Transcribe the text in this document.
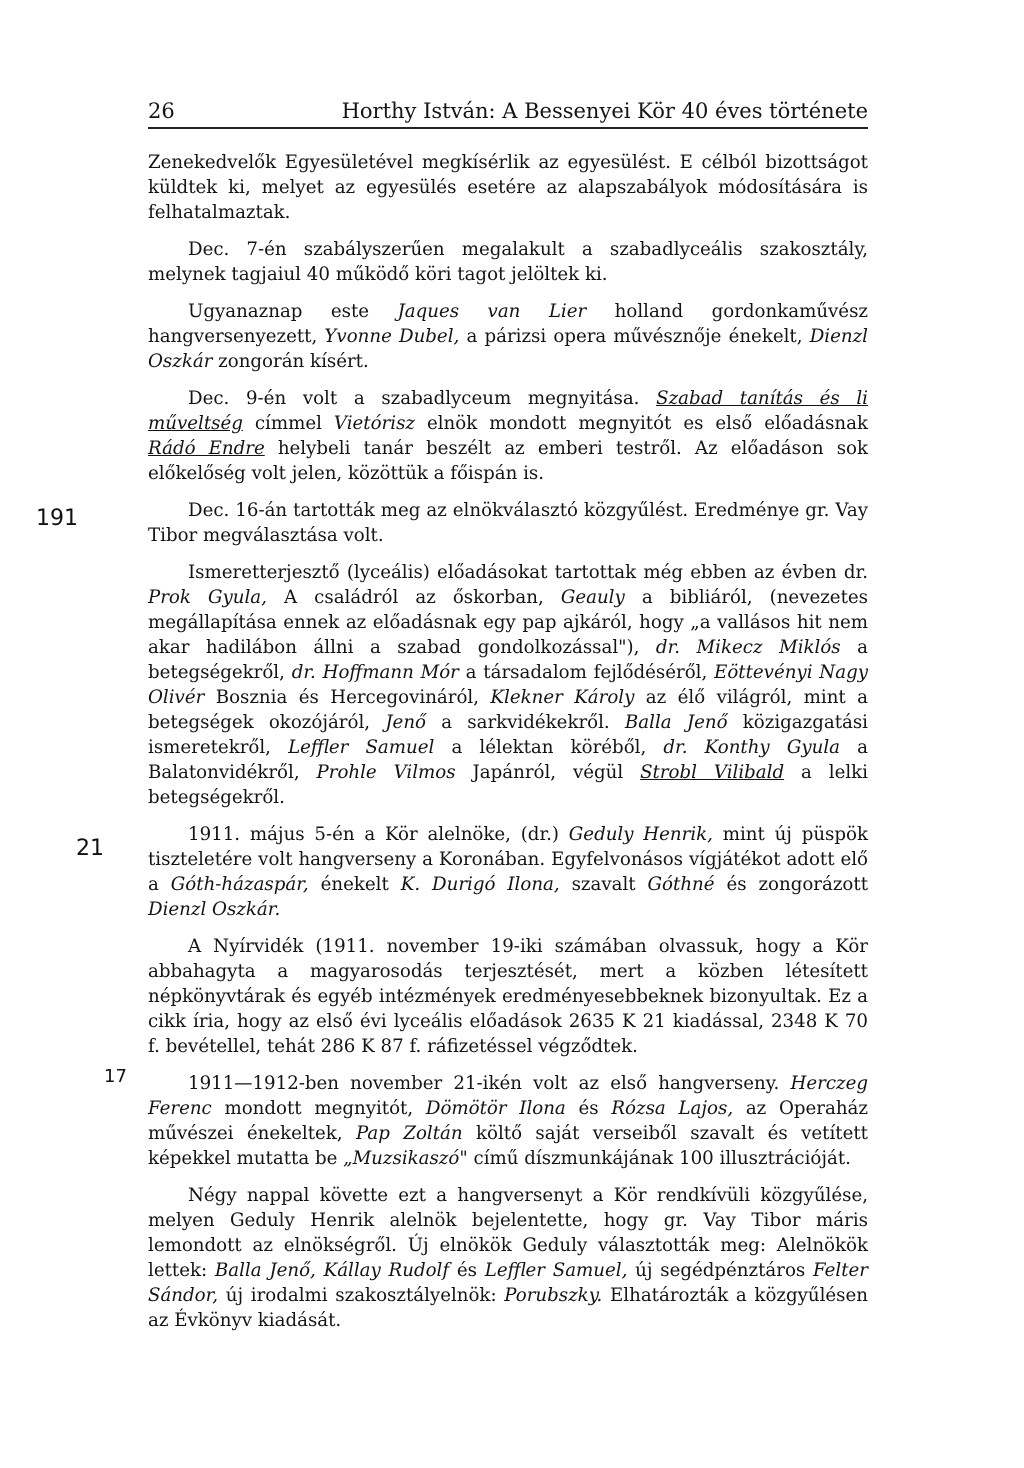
26	Horthy István: A Bessenyei Kör 40 éves története
191
21
17

Zenekedvelők Egyesületével megkísérlik az egyesülést. E célból bizottságot küldtek ki, melyet az egyesülés esetére az alapszabályok módosítására is felhatalmaztak.

Dec. 7-én szabályszerűen megalakult a szabadlyceális szakosztály, melynek tagjaiul 40 működő köri tagot jelöltek ki.

Ugyanaznap este Jaques van Lier holland gordonkaművész hangversenyezett, Yvonne Dubel, a párizsi opera művésznője énekelt, Dienzl Oszkár zongorán kísért.

Dec. 9-én volt a szabadlyceum megnyitása. Szabad tanítás és li műveltség címmel Vietórisz elnök mondott megnyitót es első előadásnak Rádó Endre helybeli tanár beszélt az emberi testről. Az előadáson sok előkelőség volt jelen, közöttük a főispán is.

Dec. 16-án tartották meg az elnökválasztó közgyűlést. Eredménye gr. Vay Tibor megválasztása volt.

Ismeretterjesztő (lyceális) előadásokat tartottak még ebben az évben dr. Prok Gyula, A családról az őskorban, Geauly a bibliáról, (nevezetes megállapítása ennek az előadásnak egy pap ajkáról, hogy „a vallásos hit nem akar hadilábon állni a szabad gondolkozással"), dr. Mikecz Miklós a betegségekről, dr. Hoffmann Mór a társadalom fejlődéséről, Eöttevényi Nagy Olivér Bosznia és Hercegovináról, Klekner Károly az élő világról, mint a betegségek okozójáról, Jenő a sarkvidékekről. Balla Jenő közigazgatási ismeretekről, Leffler Samuel a lélektan köréből, dr. Konthy Gyula a Balatonvidékről, Prohle Vilmos Japánról, végül Strobl Vilibald a lelki betegségekről.

1911. május 5-én a Kör alelnöke, (dr.) Geduly Henrik, mint új püspök tiszteletére volt hangverseny a Koronában. Egyfelvonásos vígjátékot adott elő a Góth-házaspár, énekelt K. Durigó Ilona, szavalt Góthné és zongorázott Dienzl Oszkár.

A Nyírvidék (1911. november 19-iki számában olvassuk, hogy a Kör abbahagyta a magyarosodás terjesztését, mert a közben létesített népkönyvtárak és egyéb intézmények eredményesebbeknek bizonyultak. Ez a cikk íria, hogy az első évi lyceális előadások 2635 K 21 kiadással, 2348 K 70 f. bevétellel, tehát 286 K 87 f. ráfizetéssel végződtek.

1911—1912-ben november 21-ikén volt az első hangverseny. Herczeg Ferenc mondott megnyitót, Dömötör Ilona és Rózsa Lajos, az Operaház művészei énekeltek, Pap Zoltán költő saját verseiből szavalt és vetített képekkel mutatta be „Muzsikaszó" című díszmunkájának 100 illusztrációját.

Négy nappal követte ezt a hangversenyt a Kör rendkívüli közgyűlése, melyen Geduly Henrik alelnök bejelentette, hogy gr. Vay Tibor máris lemondott az elnökségről. Új elnökök Geduly választották meg: Alelnökök lettek: Balla Jenő, Kállay Rudolf és Leffler Samuel, új segédpénztáros Felter Sándor, új irodalmi szakosztályelnök: Porubszky. Elhatározták a közgyűlésen az Évkönyv kiadását.
